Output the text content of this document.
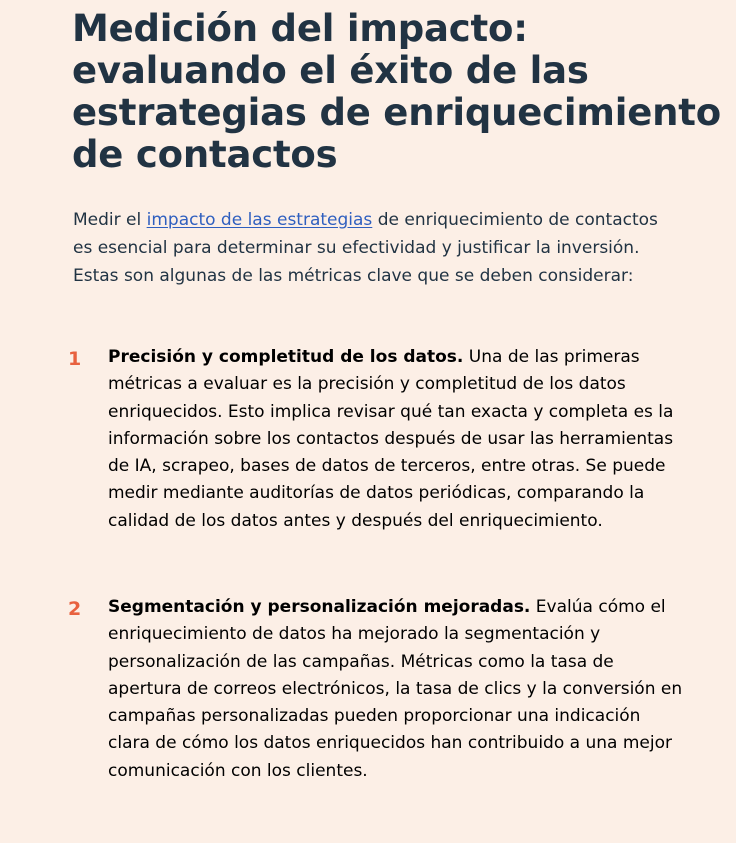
Medición del impacto: evaluando el éxito de las estrategias de enriquecimiento de contactos

Medir el impacto de las estrategias de enriquecimiento de contactos es esencial para determinar su efectividad y justificar la inversión. Estas son algunas de las métricas clave que se deben considerar:

1	Precisión y completitud de los datos. Una de las primeras métricas a evaluar es la precisión y completitud de los datos enriquecidos. Esto implica revisar qué tan exacta y completa es la información sobre los contactos después de usar las herramientas de IA, scrapeo, bases de datos de terceros, entre otras. Se puede medir mediante auditorías de datos periódicas, comparando la calidad de los datos antes y después del enriquecimiento.

2	Segmentación y personalización mejoradas. Evalúa cómo el enriquecimiento de datos ha mejorado la segmentación y personalización de las campañas. Métricas como la tasa de apertura de correos electrónicos, la tasa de clics y la conversión en campañas personalizadas pueden proporcionar una indicación clara de cómo los datos enriquecidos han contribuido a una mejor comunicación con los clientes.
